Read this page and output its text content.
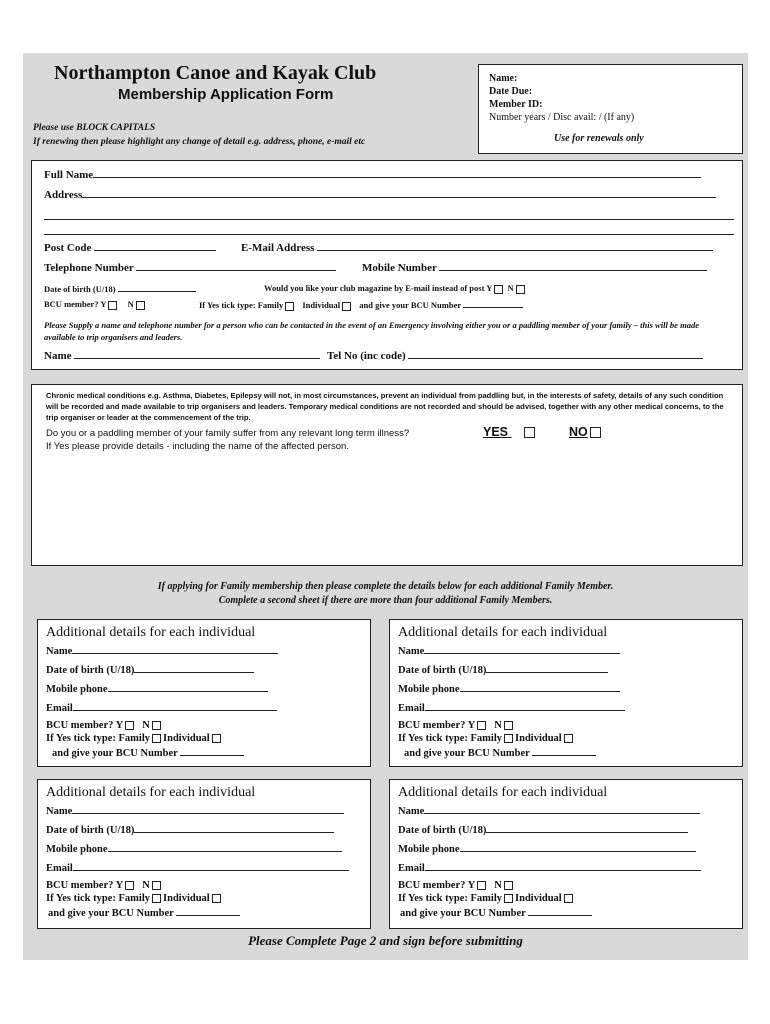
Northampton Canoe and Kayak Club
Membership Application Form
Please use BLOCK CAPITALS
If renewing then please highlight any change of detail e.g. address, phone, e-mail etc
Name:
Date Due:
Member ID:
Number years / Disc avail: / (If any)
Use for renewals only
Full Name
Address
Post Code	E-Mail Address
Telephone Number	Mobile Number
Date of birth (U/18)	Would you like your club magazine by E-mail instead of post Y N
BCU member? Y N	If Yes tick type: Family Individual and give your BCU Number
Please Supply a name and telephone number for a person who can be contacted in the event of an Emergency involving either you or a paddling member of your family – this will be made available to trip organisers and leaders.
Name	Tel No (inc code)
Chronic medical conditions e.g. Asthma, Diabetes, Epilepsy will not, in most circumstances, prevent an individual from paddling but, in the interests of safety, details of any such condition will be recorded and made available to trip organisers and leaders. Temporary medical conditions are not recorded and should be advised, together with any other medical concerns, to the trip organiser or leader at the commencement of the trip.
Do you or a paddling member of your family suffer from any relevant long term illness?	YES	NO
If Yes please provide details - including the name of the affected person.
If applying for Family membership then please complete the details below for each additional Family Member.
Complete a second sheet if there are more than four additional Family Members.
Additional details for each individual
Name
Date of birth (U/18)
Mobile phone
Email
BCU member? Y N
If Yes tick type: Family Individual
and give your BCU Number
Additional details for each individual
Name
Date of birth (U/18)
Mobile phone
Email
BCU member? Y N
If Yes tick type: Family Individual
and give your BCU Number
Additional details for each individual
Name
Date of birth (U/18)
Mobile phone
Email
BCU member? Y N
If Yes tick type: Family Individual
and give your BCU Number
Additional details for each individual
Name
Date of birth (U/18)
Mobile phone
Email
BCU member? Y N
If Yes tick type: Family Individual
and give your BCU Number
Please Complete Page 2 and sign before submitting
